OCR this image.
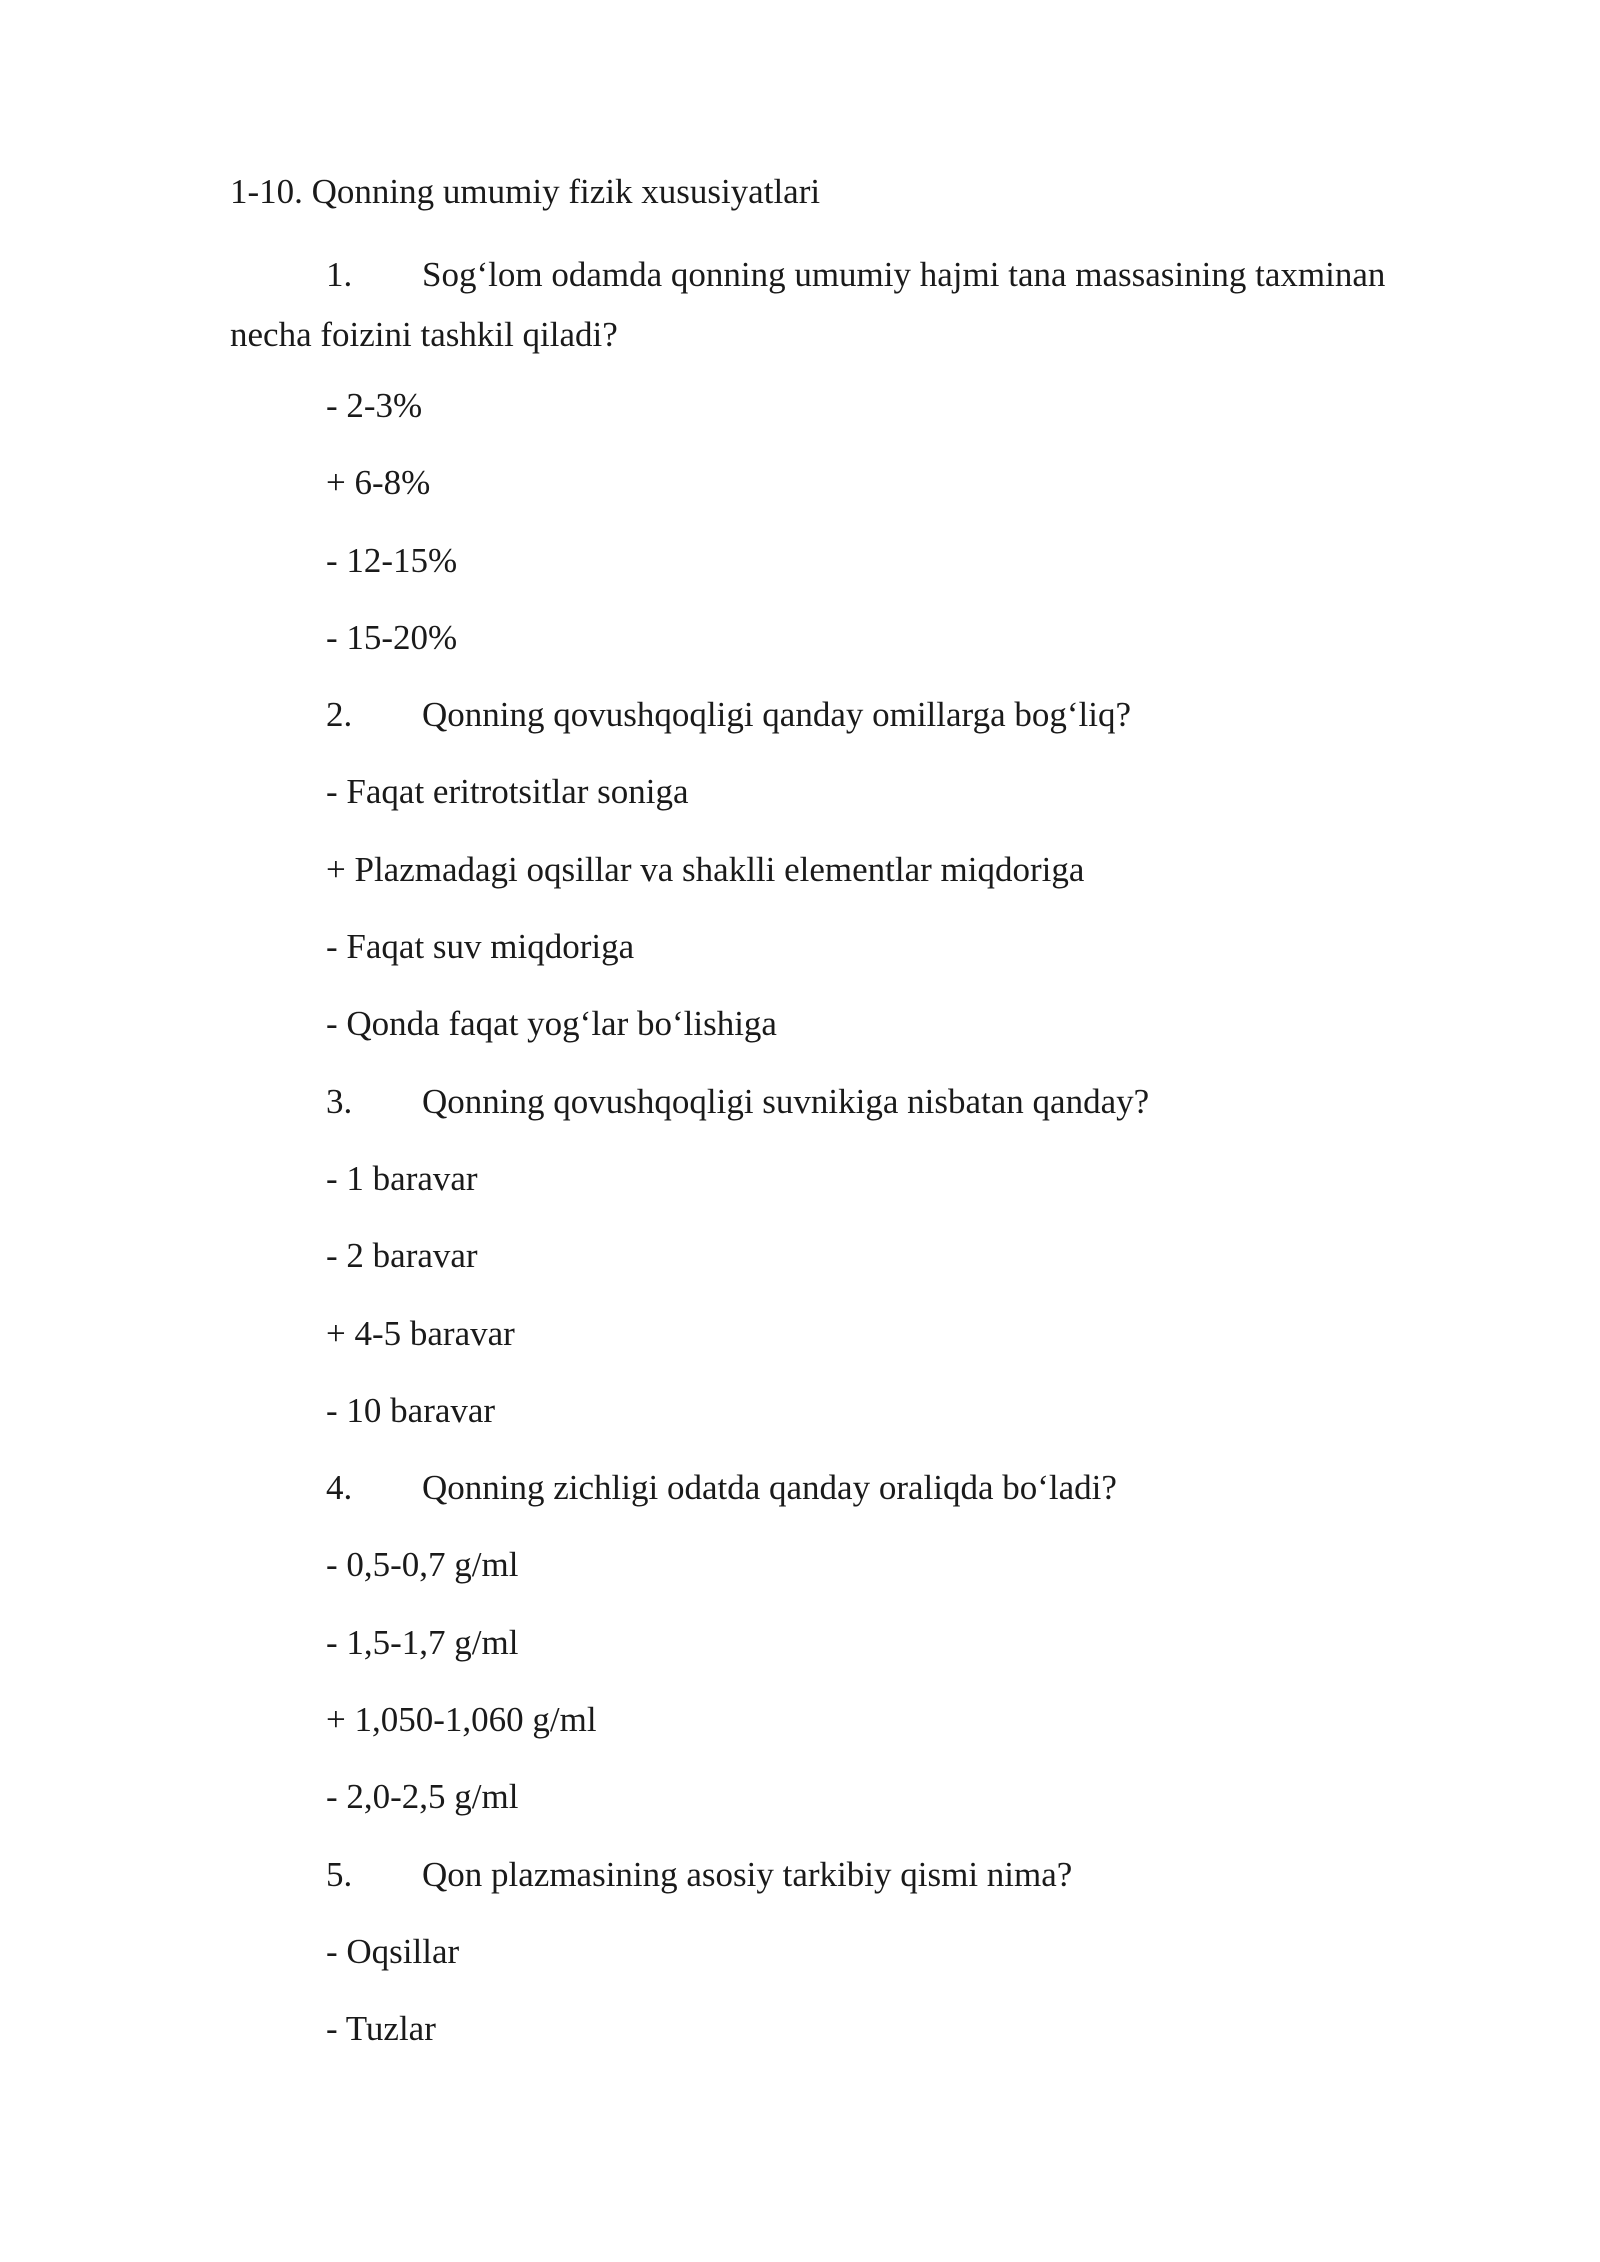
1-10. Qonning umumiy fizik xususiyatlari
1. Sog‘lom odamda qonning umumiy hajmi tana massasining taxminan necha foizini tashkil qiladi?
- 2-3%
+ 6-8%
- 12-15%
- 15-20%
2. Qonning qovushqoqligi qanday omillarga bog‘liq?
- Faqat eritrotsitlar soniga
+ Plazmadagi oqsillar va shaklli elementlar miqdoriga
- Faqat suv miqdoriga
- Qonda faqat yog‘lar bo‘lishiga
3. Qonning qovushqoqligi suvnikiga nisbatan qanday?
- 1 baravar
- 2 baravar
+ 4-5 baravar
- 10 baravar
4. Qonning zichligi odatda qanday oraliqda bo‘ladi?
- 0,5-0,7 g/ml
- 1,5-1,7 g/ml
+ 1,050-1,060 g/ml
- 2,0-2,5 g/ml
5. Qon plazmasining asosiy tarkibiy qismi nima?
- Oqsillar
- Tuzlar
